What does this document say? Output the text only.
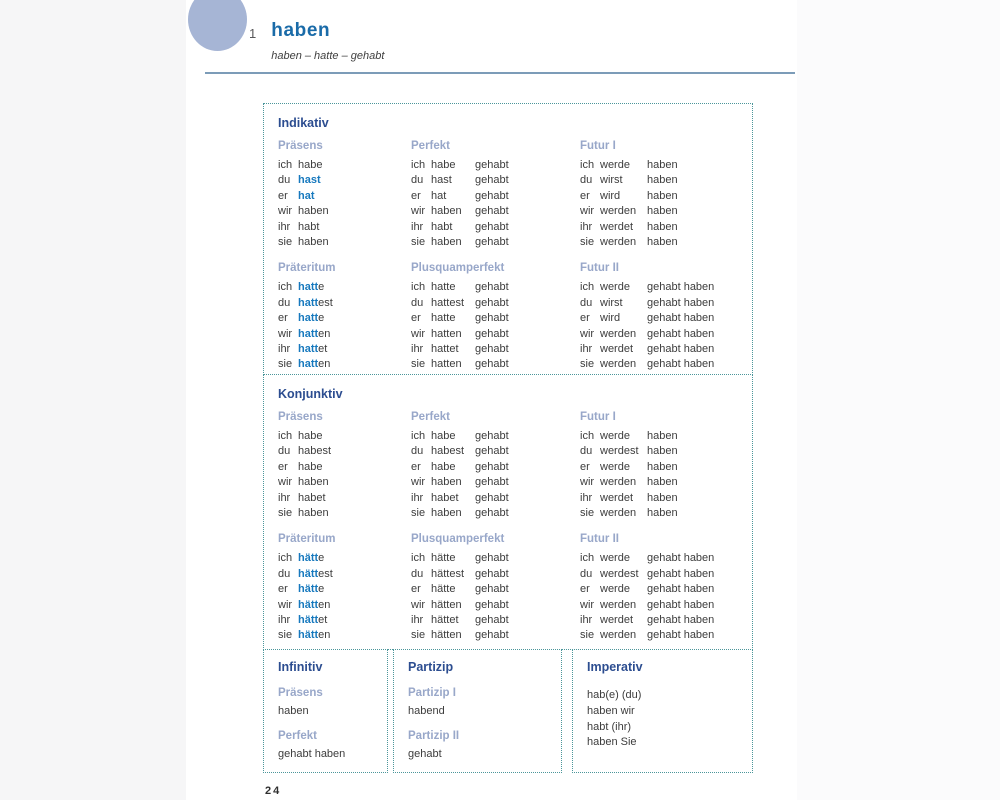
1 haben
haben – hatte – gehabt
Indikativ
Präsens
ich habe
du hast
er hat
wir haben
ihr habt
sie haben
Perfekt
ich habe	gehabt
du hast	gehabt
er hat	gehabt
wir haben	gehabt
ihr habt	gehabt
sie haben	gehabt
Futur I
ich werde	haben
du wirst	haben
er wird	haben
wir werden haben
ihr werdet	haben
sie werden haben
Präteritum
ich hatte
du hattest
er hatte
wir hatten
ihr hattet
sie hatten
Plusquamperfekt
ich hatte	gehabt
du hattest gehabt
er hatte	gehabt
wir hatten	gehabt
ihr hattet	gehabt
sie hatten	gehabt
Futur II
ich werde	gehabt haben
du wirst	gehabt haben
er wird	gehabt haben
wir werden gehabt haben
ihr werdet	gehabt haben
sie werden gehabt haben
Konjunktiv
Präsens
ich habe
du habest
er habe
wir haben
ihr habet
sie haben
Perfekt
ich habe	gehabt
du habest gehabt
er habe	gehabt
wir haben	gehabt
ihr habet	gehabt
sie haben	gehabt
Futur I
ich werde	haben
du werdest haben
er werde	haben
wir werden haben
ihr werdet	haben
sie werden haben
Präteritum
ich hätte
du hättest
er hätte
wir hätten
ihr hättet
sie hätten
Plusquamperfekt
ich hätte	gehabt
du hättest gehabt
er hätte	gehabt
wir hätten	gehabt
ihr hättet	gehabt
sie hätten	gehabt
Futur II
ich werde	gehabt haben
du werdest gehabt haben
er werde	gehabt haben
wir werden gehabt haben
ihr werdet	gehabt haben
sie werden gehabt haben
Infinitiv
Präsens
haben
Perfekt
gehabt haben
Partizip
Partizip I
habend
Partizip II
gehabt
Imperativ
hab(e) (du)
haben wir
habt (ihr)
haben Sie
24
